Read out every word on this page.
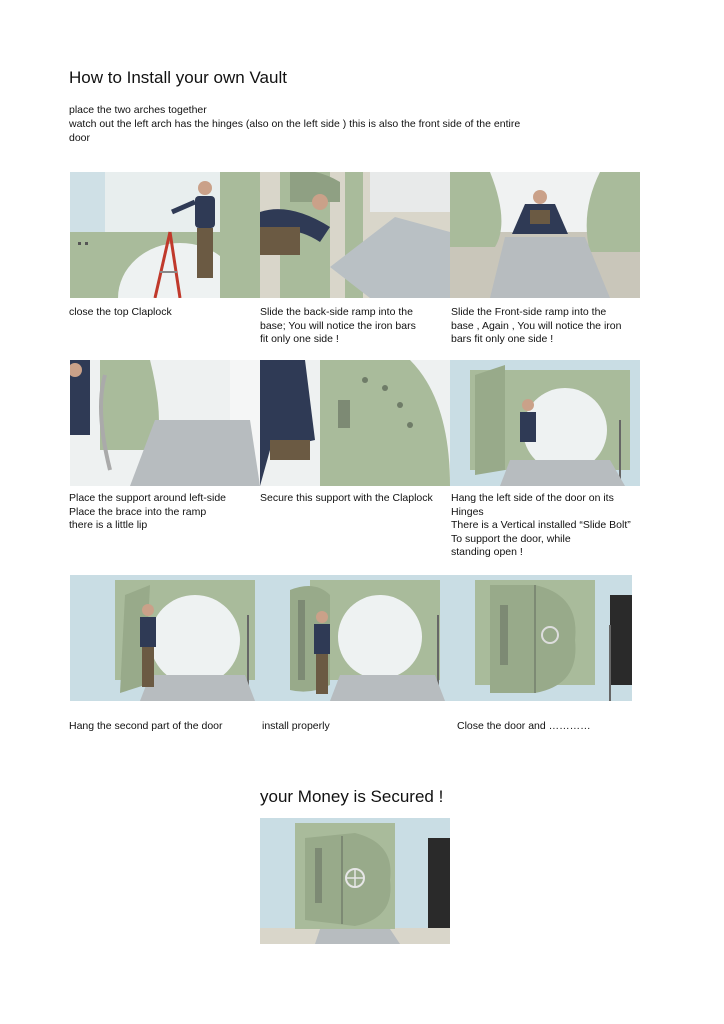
How to Install your own Vault

place the two arches together

watch out the left arch has the hinges (also on the left side ) this is also the front side of the entire

door

close the top Claplock	Slide the back-side ramp into the

base; You will notice the iron bars

fit only one side !

Slide the Front-side ramp into the

base , Again , You will notice the iron

bars fit only one side !

Place the support around left-side

Place the brace into the ramp

there is a little lip

Secure this support with the Claplock	Hang the left side of the door on its

Hinges

There is a Vertical installed “Slide Bolt”

To support the door, while

standing open !

Hang the second part of the door	install properly	Close the door and …………

your Money is Secured !
